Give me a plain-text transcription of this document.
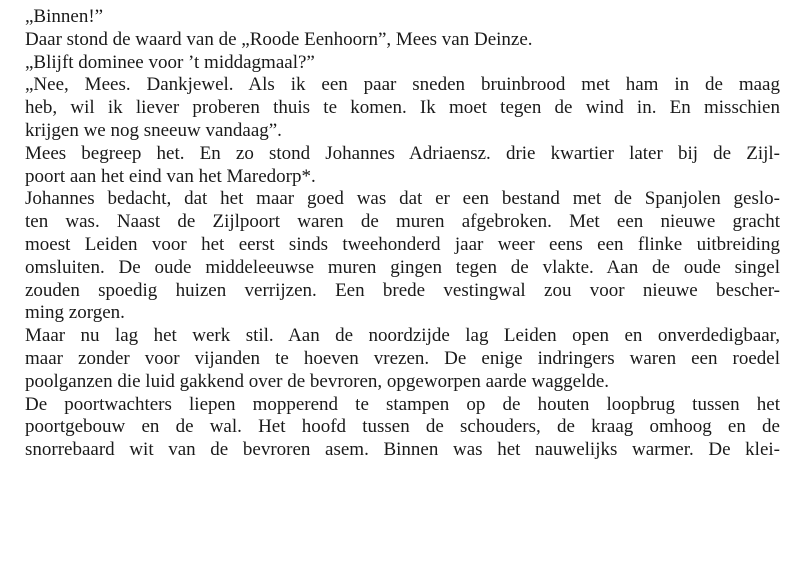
„Binnen!”
Daar stond de waard van de „Roode Eenhoorn”, Mees van Deinze.
„Blijft dominee voor ’t middagmaal?”
„Nee, Mees. Dankjewel. Als ik een paar sneden bruinbrood met ham in de maag
heb, wil ik liever proberen thuis te komen. Ik moet tegen de wind in. En misschien
krijgen we nog sneeuw vandaag”.
Mees begreep het. En zo stond Johannes Adriaensz. drie kwartier later bij de Zijl-
poort aan het eind van het Maredorp*.
Johannes bedacht, dat het maar goed was dat er een bestand met de Spanjolen geslo-
ten was. Naast de Zijlpoort waren de muren afgebroken. Met een nieuwe gracht
moest Leiden voor het eerst sinds tweehonderd jaar weer eens een flinke uitbreiding
omsluiten. De oude middeleeuwse muren gingen tegen de vlakte. Aan de oude singel
zouden spoedig huizen verrijzen. Een brede vestingwal zou voor nieuwe bescher-
ming zorgen.
Maar nu lag het werk stil. Aan de noordzijde lag Leiden open en onverdedigbaar,
maar zonder voor vijanden te hoeven vrezen. De enige indringers waren een roedel
poolganzen die luid gakkend over de bevroren, opgeworpen aarde waggelde.
De poortwachters liepen mopperend te stampen op de houten loopbrug tussen het
poortgebouw en de wal. Het hoofd tussen de schouders, de kraag omhoog en de
snorrebaard wit van de bevroren asem. Binnen was het nauwelijks warmer. De klei-
